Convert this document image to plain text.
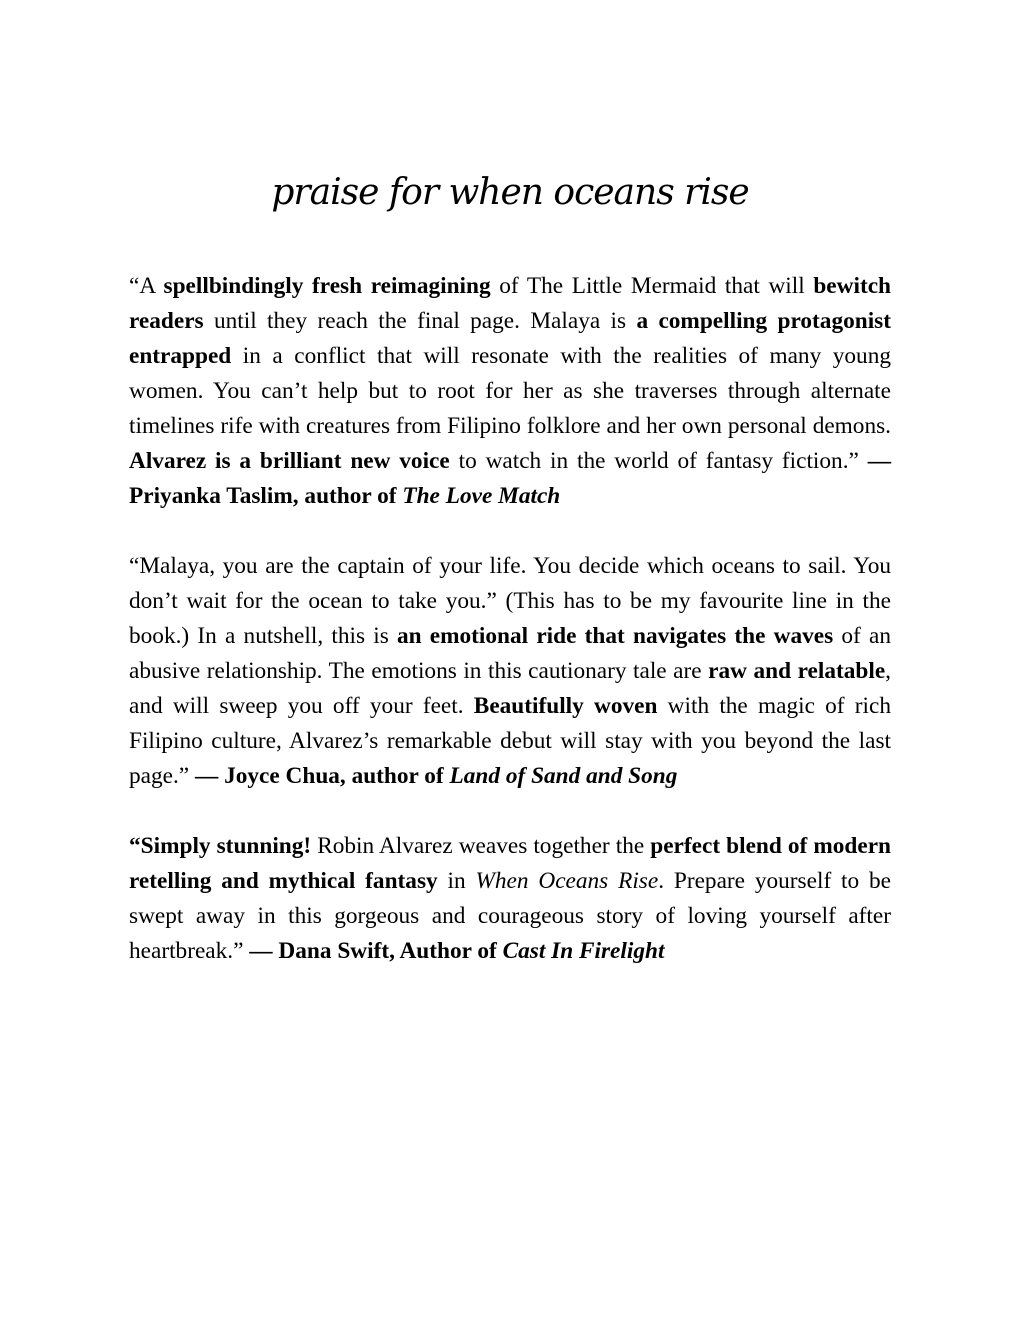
praise for when oceans rise

“A spellbindingly fresh reimagining of The Little Mermaid that will bewitch readers until they reach the final page. Malaya is a compelling protagonist entrapped in a conflict that will resonate with the realities of many young women. You can’t help but to root for her as she traverses through alternate timelines rife with creatures from Filipino folklore and her own personal demons. Alvarez is a brilliant new voice to watch in the world of fantasy fiction.” — Priyanka Taslim, author of The Love Match

“Malaya, you are the captain of your life. You decide which oceans to sail. You don’t wait for the ocean to take you.” (This has to be my favourite line in the book.) In a nutshell, this is an emotional ride that navigates the waves of an abusive relationship. The emotions in this cautionary tale are raw and relatable, and will sweep you off your feet. Beautifully woven with the magic of rich Filipino culture, Alvarez’s remarkable debut will stay with you beyond the last page.” — Joyce Chua, author of Land of Sand and Song

“Simply stunning! Robin Alvarez weaves together the perfect blend of modern retelling and mythical fantasy in When Oceans Rise. Prepare yourself to be swept away in this gorgeous and courageous story of loving yourself after heartbreak.” — Dana Swift, Author of Cast In Firelight
